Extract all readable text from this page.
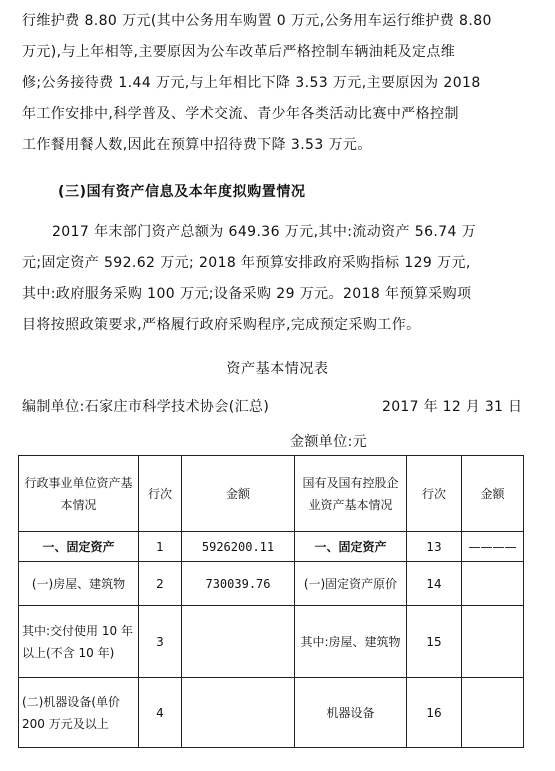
行维护费 8.80 万元(其中公务用车购置 0 万元,公务用车运行维护费 8.80
万元),与上年相等,主要原因为公车改革后严格控制车辆油耗及定点维
修;公务接待费 1.44 万元,与上年相比下降 3.53 万元,主要原因为 2018
年工作安排中,科学普及、学术交流、青少年各类活动比赛中严格控制
工作餐用餐人数,因此在预算中招待费下降 3.53 万元。
(三)国有资产信息及本年度拟购置情况
2017 年末部门资产总额为 649.36 万元,其中:流动资产 56.74 万
元;固定资产 592.62 万元; 2018 年预算安排政府采购指标 129 万元,
其中:政府服务采购 100 万元;设备采购 29 万元。2018 年预算采购项
目将按照政策要求,严格履行政府采购程序,完成预定采购工作。
资产基本情况表
编制单位:石家庄市科学技术协会(汇总)	2017 年 12 月 31 日
金额单位:元
行政事业单位资产基本情况	行次	金额	国有及国有控股企业资产基本情况	行次	金额
一、固定资产	1	5926200.11	一、固定资产	13	————
(一)房屋、建筑物	2	730039.76	(一)固定资产原价	14	
其中:交付使用 10 年以上(不含 10 年)	3		其中:房屋、建筑物	15	
(二)机器设备(单价 200 万元及以上	4		机器设备	16	
